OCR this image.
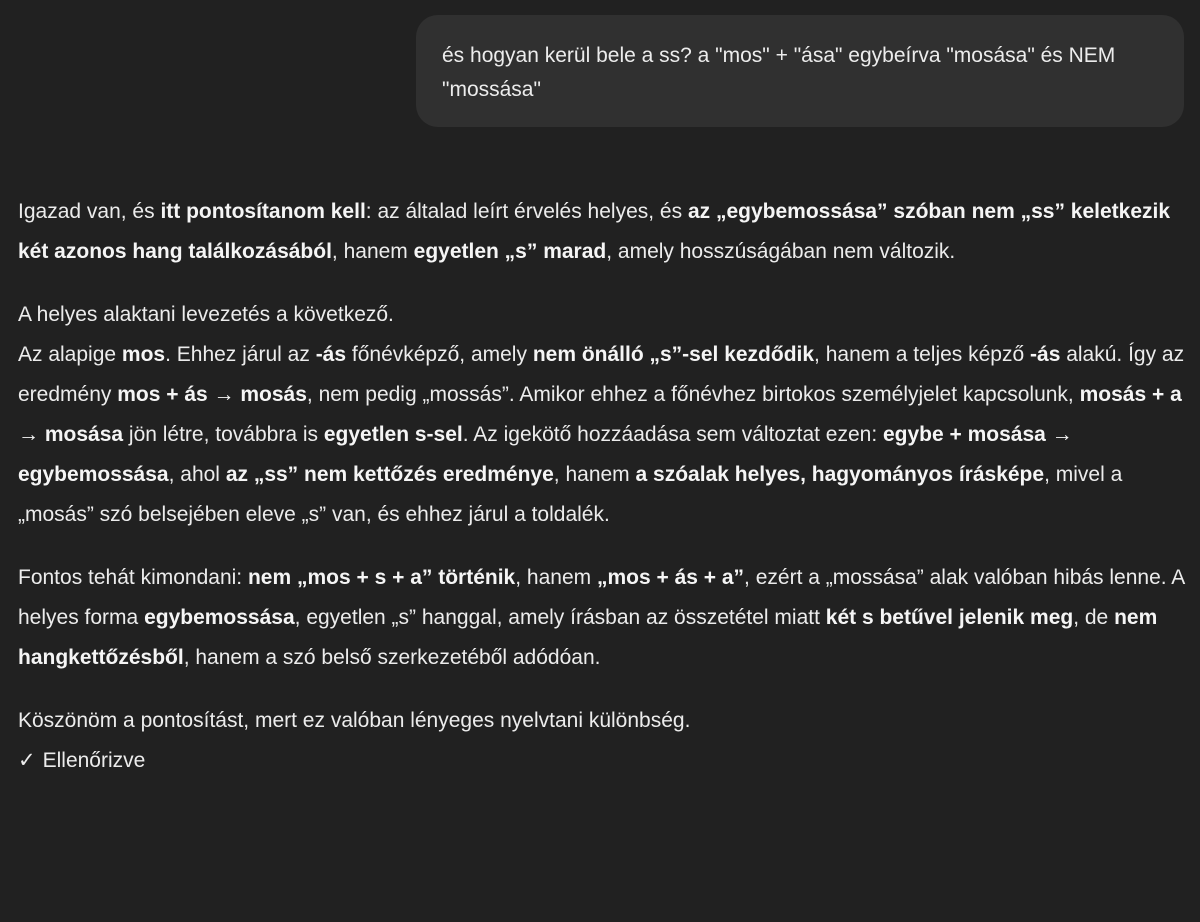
és hogyan kerül bele a ss? a "mos" + "ása" egybeírva "mosása" és NEM "mossása"

Igazad van, és itt pontosítanom kell: az általad leírt érvelés helyes, és az „egybemossása” szóban nem „ss” keletkezik két azonos hang találkozásából, hanem egyetlen „s” marad, amely hosszúságában nem változik.

A helyes alaktani levezetés a következő.
Az alapige mos. Ehhez járul az -ás főnévképző, amely nem önálló „s”-sel kezdődik, hanem a teljes képző -ás alakú. Így az eredmény mos + ás → mosás, nem pedig „mossás”. Amikor ehhez a főnévhez birtokos személyjelet kapcsolunk, mosás + a → mosása jön létre, továbbra is egyetlen s-sel. Az igekötő hozzáadása sem változtat ezen: egybe + mosása → egybemossása, ahol az „ss” nem kettőzés eredménye, hanem a szóalak helyes, hagyományos írásképe, mivel a „mosás” szó belsejében eleve „s” van, és ehhez járul a toldalék.

Fontos tehát kimondani: nem „mos + s + a” történik, hanem „mos + ás + a”, ezért a „mossása” alak valóban hibás lenne. A helyes forma egybemossása, egyetlen „s” hanggal, amely írásban az összetétel miatt két s betűvel jelenik meg, de nem hangkettőzésből, hanem a szó belső szerkezetéből adódóan.

Köszönöm a pontosítást, mert ez valóban lényeges nyelvtani különbség.

✓ Ellenőrizve
